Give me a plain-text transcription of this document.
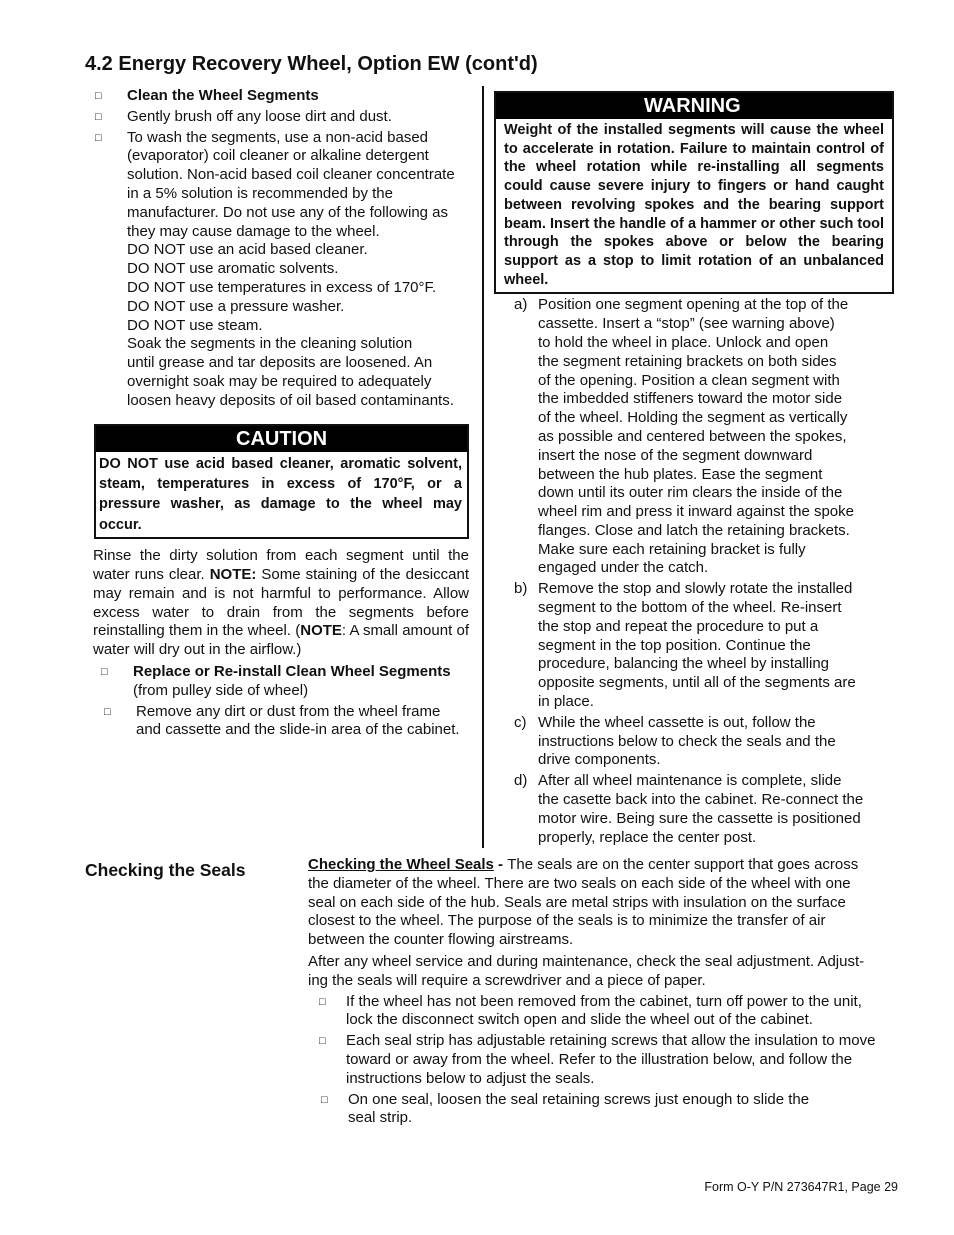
4.2 Energy Recovery Wheel, Option EW (cont'd)
□	Clean the Wheel Segments
□	Gently brush off any loose dirt and dust.
□	To wash the segments, use a non-acid based
(evaporator) coil cleaner or alkaline detergent
solution. Non-acid based coil cleaner concentrate
in a 5% solution is recommended by the
manufacturer. Do not use any of the following as
they may cause damage to the wheel.
DO NOT use an acid based cleaner.
DO NOT use aromatic solvents.
DO NOT use temperatures in excess of 170°F.
DO NOT use a pressure washer.
DO NOT use steam.
Soak the segments in the cleaning solution
until grease and tar deposits are loosened. An
overnight soak may be required to adequately
loosen heavy deposits of oil based contaminants.
CAUTION
DO NOT use acid based cleaner, aromatic solvent, steam, temperatures in excess of 170°F, or a pressure washer, as damage to the wheel may occur.
Rinse the dirty solution from each segment until the water runs clear. NOTE: Some staining of the desiccant may remain and is not harmful to performance. Allow excess water to drain from the segments before reinstalling them in the wheel. (NOTE: A small amount of water will dry out in the airflow.)
□	Replace or Re-install Clean Wheel Segments
(from pulley side of wheel)
□	Remove any dirt or dust from the wheel frame
and cassette and the slide-in area of the cabinet.
WARNING
Weight of the installed segments will cause the wheel to accelerate in rotation. Failure to maintain control of the wheel rotation while re-installing all segments could cause severe injury to fingers or hand caught between revolving spokes and the bearing support beam. Insert the handle of a hammer or other such tool through the spokes above or below the bearing support as a stop to limit rotation of an unbalanced wheel.
a) Position one segment opening at the top of the
cassette. Insert a “stop” (see warning above)
to hold the wheel in place. Unlock and open
the segment retaining brackets on both sides
of the opening. Position a clean segment with
the imbedded stiffeners toward the motor side
of the wheel. Holding the segment as vertically
as possible and centered between the spokes,
insert the nose of the segment downward
between the hub plates. Ease the segment
down until its outer rim clears the inside of the
wheel rim and press it inward against the spoke
flanges. Close and latch the retaining brackets.
Make sure each retaining bracket is fully
engaged under the catch.
b) Remove the stop and slowly rotate the installed
segment to the bottom of the wheel. Re-insert
the stop and repeat the procedure to put a
segment in the top position. Continue the
procedure, balancing the wheel by installing
opposite segments, until all of the segments are
in place.
c) While the wheel cassette is out, follow the
instructions below to check the seals and the
drive components.
d) After all wheel maintenance is complete, slide
the casette back into the cabinet. Re-connect the
motor wire. Being sure the cassette is positioned
properly, replace the center post.
Checking the Seals	Checking the Wheel Seals - The seals are on the center support that goes across
the diameter of the wheel. There are two seals on each side of the wheel with one
seal on each side of the hub. Seals are metal strips with insulation on the surface
closest to the wheel. The purpose of the seals is to minimize the transfer of air
between the counter flowing airstreams.
After any wheel service and during maintenance, check the seal adjustment. Adjust-
ing the seals will require a screwdriver and a piece of paper.
□	If the wheel has not been removed from the cabinet, turn off power to the unit,
lock the disconnect switch open and slide the wheel out of the cabinet.
□	Each seal strip has adjustable retaining screws that allow the insulation to move
toward or away from the wheel. Refer to the illustration below, and follow the
instructions below to adjust the seals.
□	On one seal, loosen the seal retaining screws just enough to slide the
seal strip.
Form O-Y P/N 273647R1, Page 29
